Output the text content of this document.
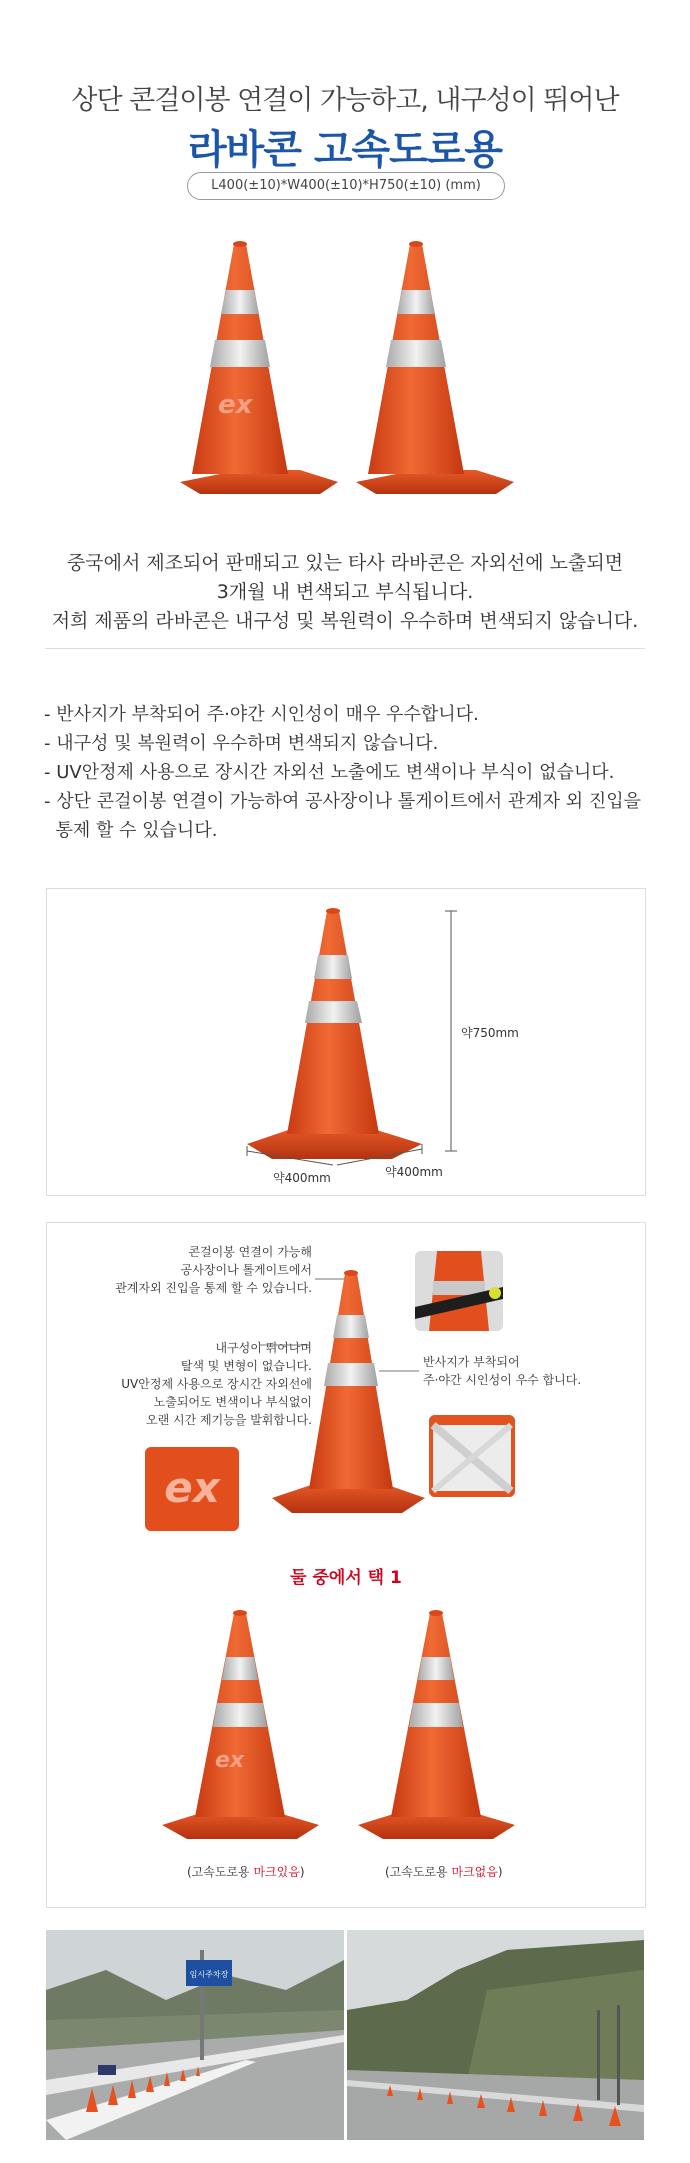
상단 콘걸이봉 연결이 가능하고, 내구성이 뛰어난
라바콘 고속도로용
L400(±10)*W400(±10)*H750(±10) (mm)
ex
중국에서 제조되어 판매되고 있는 타사 라바콘은 자외선에 노출되면
3개월 내 변색되고 부식됩니다.
저희 제품의 라바콘은 내구성 및 복원력이 우수하며 변색되지 않습니다.
- 반사지가 부착되어 주·야간 시인성이 매우 우수합니다.
- 내구성 및 복원력이 우수하며 변색되지 않습니다.
- UV안정제 사용으로 장시간 자외선 노출에도 변색이나 부식이 없습니다.
- 상단 콘걸이봉 연결이 가능하여 공사장이나 톨게이트에서 관계자 외 진입을
통제 할 수 있습니다.
약750mm
약400mm	약400mm
콘걸이봉 연결이 가능해
공사장이나 톨게이트에서
관계자외 진입을 통제 할 수 있습니다.
내구성이 뛰어나며
탈색 및 변형이 없습니다.
UV안정제 사용으로 장시간 자외선에
노출되어도 변색이나 부식없이
오랜 시간 제기능을 발휘합니다.
반사지가 부착되어
주·야간 시인성이 우수 합니다.
ex
둘 중에서 택 1
ex
(고속도로용 마크있음)	(고속도로용 마크없음)
임시주차장
